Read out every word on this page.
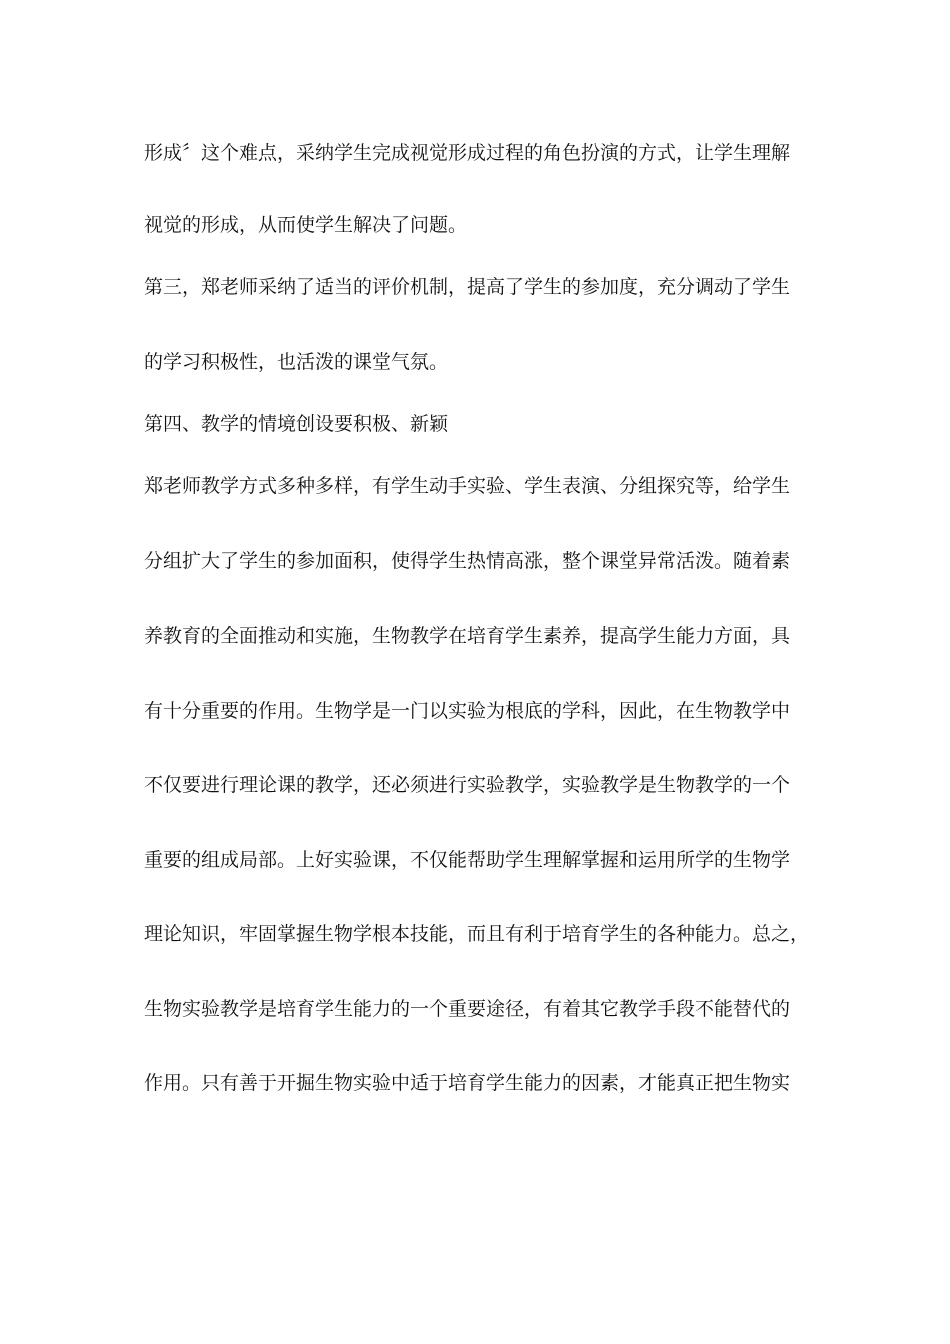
形成〞这个难点，采纳学生完成视觉形成过程的角色扮演的方式，让学生理解
视觉的形成，从而使学生解决了问题。
第三，郑老师采纳了适当的评价机制，提高了学生的参加度，充分调动了学生
的学习积极性，也活泼的课堂气氛。
第四、教学的情境创设要积极、新颖
郑老师教学方式多种多样，有学生动手实验、学生表演、分组探究等，给学生
分组扩大了学生的参加面积，使得学生热情高涨，整个课堂异常活泼。随着素
养教育的全面推动和实施，生物教学在培育学生素养，提高学生能力方面，具
有十分重要的作用。生物学是一门以实验为根底的学科，因此，在生物教学中
不仅要进行理论课的教学，还必须进行实验教学，实验教学是生物教学的一个
重要的组成局部。上好实验课，不仅能帮助学生理解掌握和运用所学的生物学
理论知识，牢固掌握生物学根本技能，而且有利于培育学生的各种能力。总之，
生物实验教学是培育学生能力的一个重要途径，有着其它教学手段不能替代的
作用。只有善于开掘生物实验中适于培育学生能力的因素，才能真正把生物实
